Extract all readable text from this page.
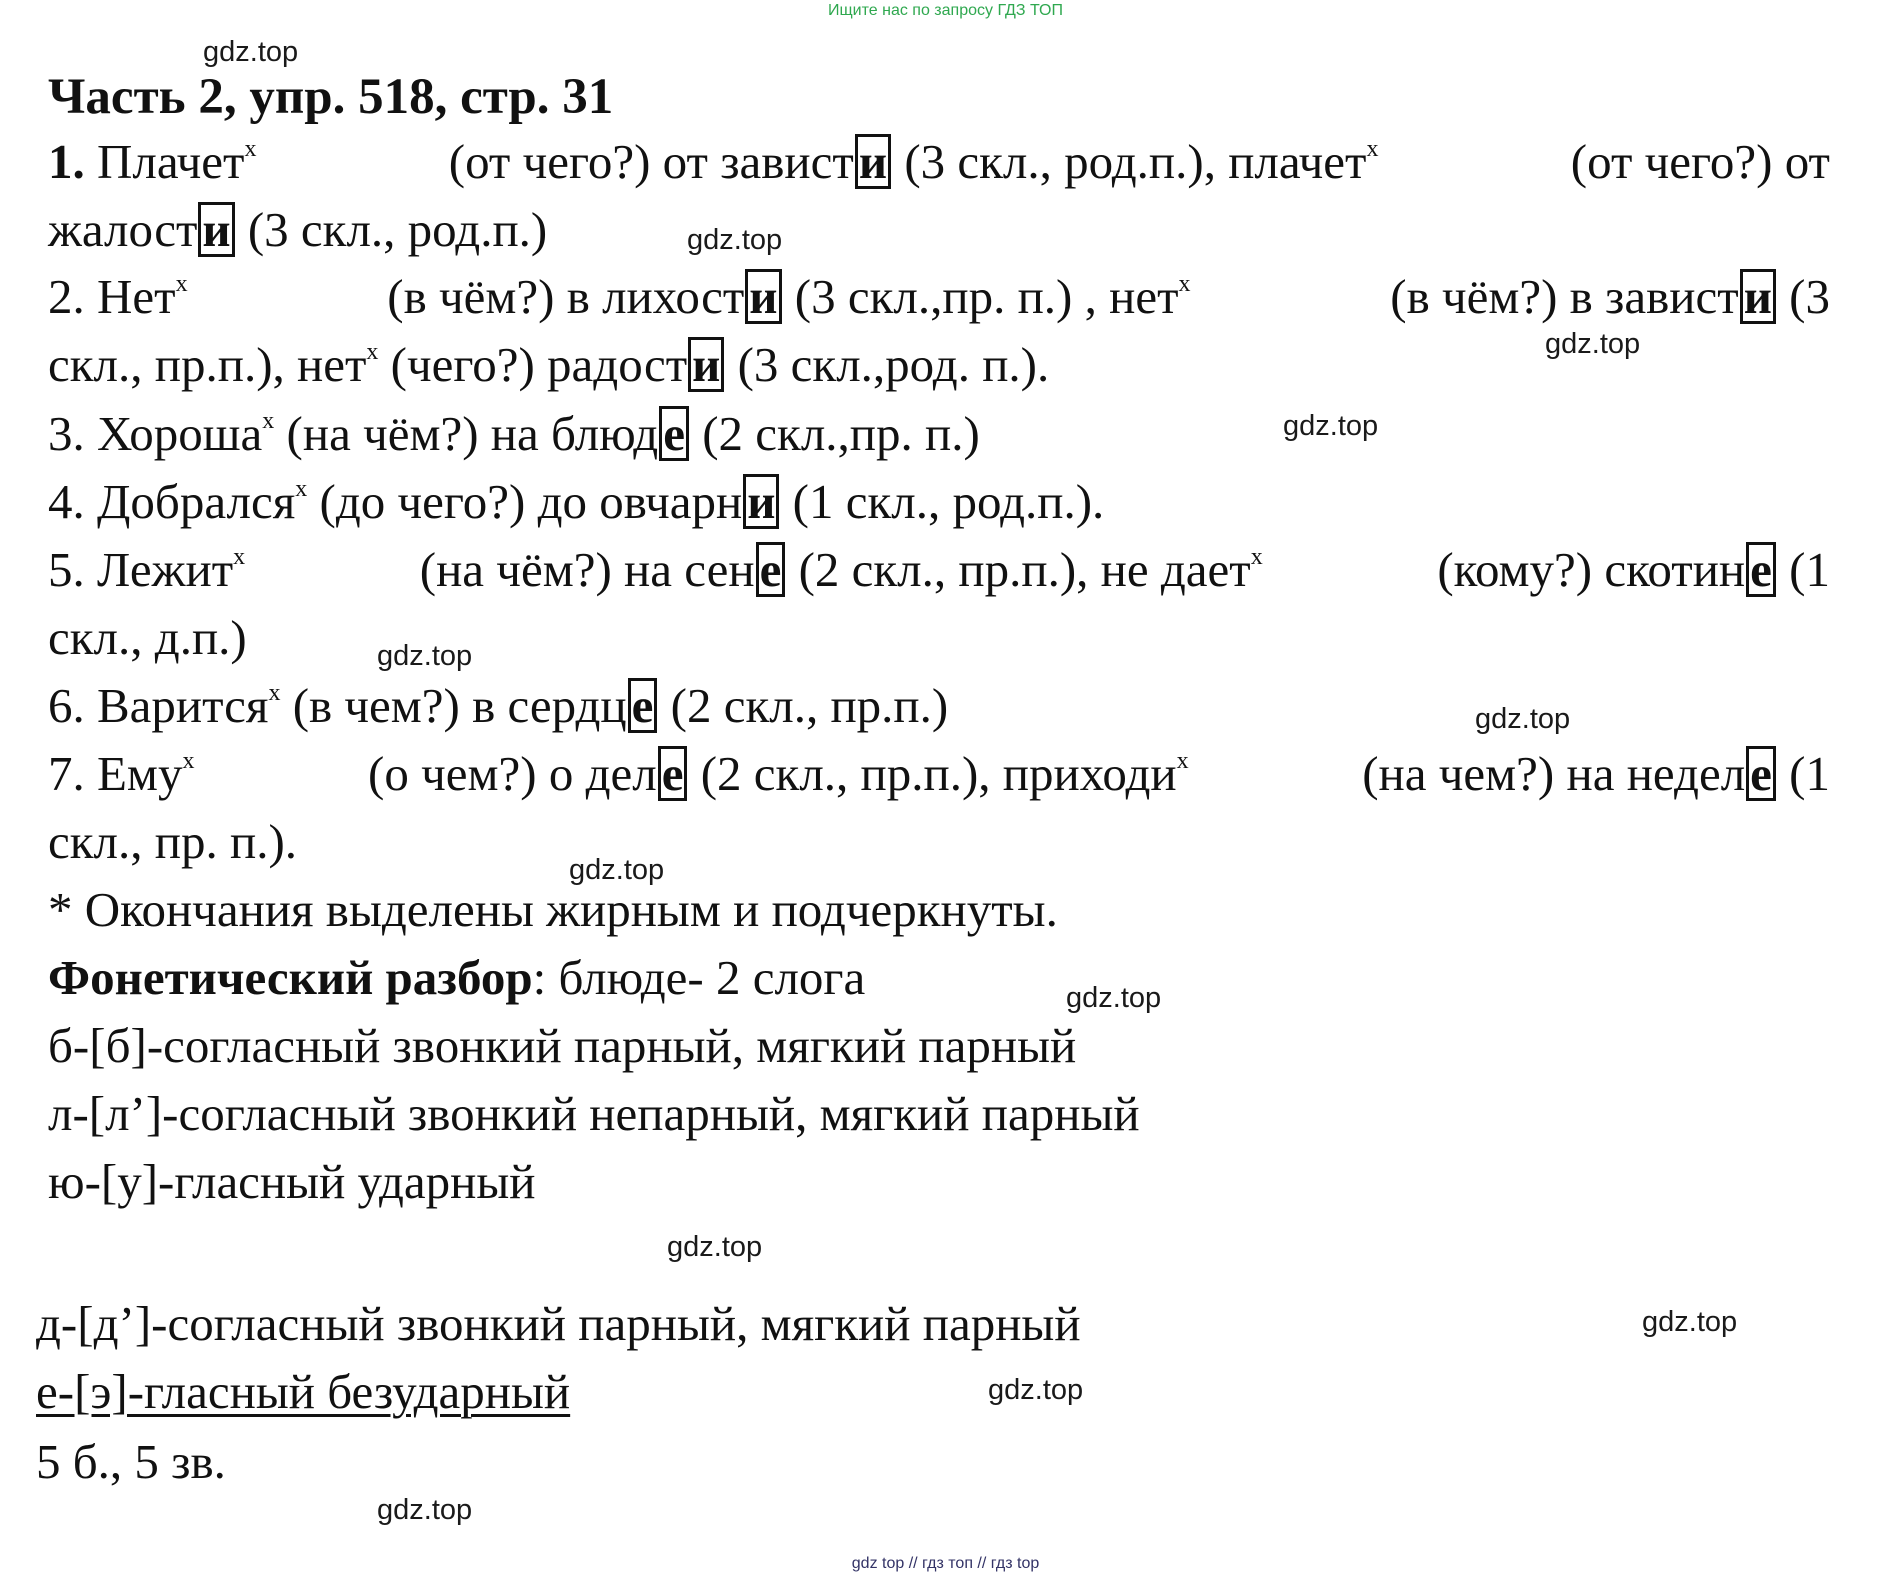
Ищите нас по запросу ГДЗ ТОП
gdz.top
gdz.top
gdz.top
gdz.top
gdz.top
gdz.top
gdz.top
gdz.top
gdz.top
gdz.top
gdz.top
gdz.top
Часть 2, упр. 518, стр. 31
1. Плачет$^x$	(от чего?) от завист и (3 скл., род.п.), плачет$^x$	(от чего?) от
жалост и (3 скл., род.п.)
2. Нет$^x$	(в чём?) в лихост и (3 скл.,пр. п.) , нет$^x$	(в чём?) в завист и (3
скл., пр.п.), нет$^x$ (чего?) радост и (3 скл.,род. п.).
3. Хороша$^x$ (на чём?) на блюд е (2 скл.,пр. п.)
4. Добрался$^x$ (до чего?) до овчарн и (1 скл., род.п.).
5. Лежит$^x$	(на чём?) на сен е (2 скл., пр.п.), не дает$^x$	(кому?) скотин е (1
скл., д.п.)
6. Варится$^x$ (в чем?) в сердц е (2 скл., пр.п.)
7. Ему$^x$	(о чем?) о дел е (2 скл., пр.п.), приходи$^x$	(на чем?) на недел е (1
скл., пр. п.).
* Окончания выделены жирным и подчеркнуты.
Фонетический разбор: блюде- 2 слога
б-[б]-согласный звонкий парный, мягкий парный
л-[л’]-согласный звонкий непарный, мягкий парный
ю-[у]-гласный ударный
д-[д’]-согласный звонкий парный, мягкий парный
е-[э]-гласный безударный
5 б., 5 зв.
gdz top // гдз топ // гдз top
